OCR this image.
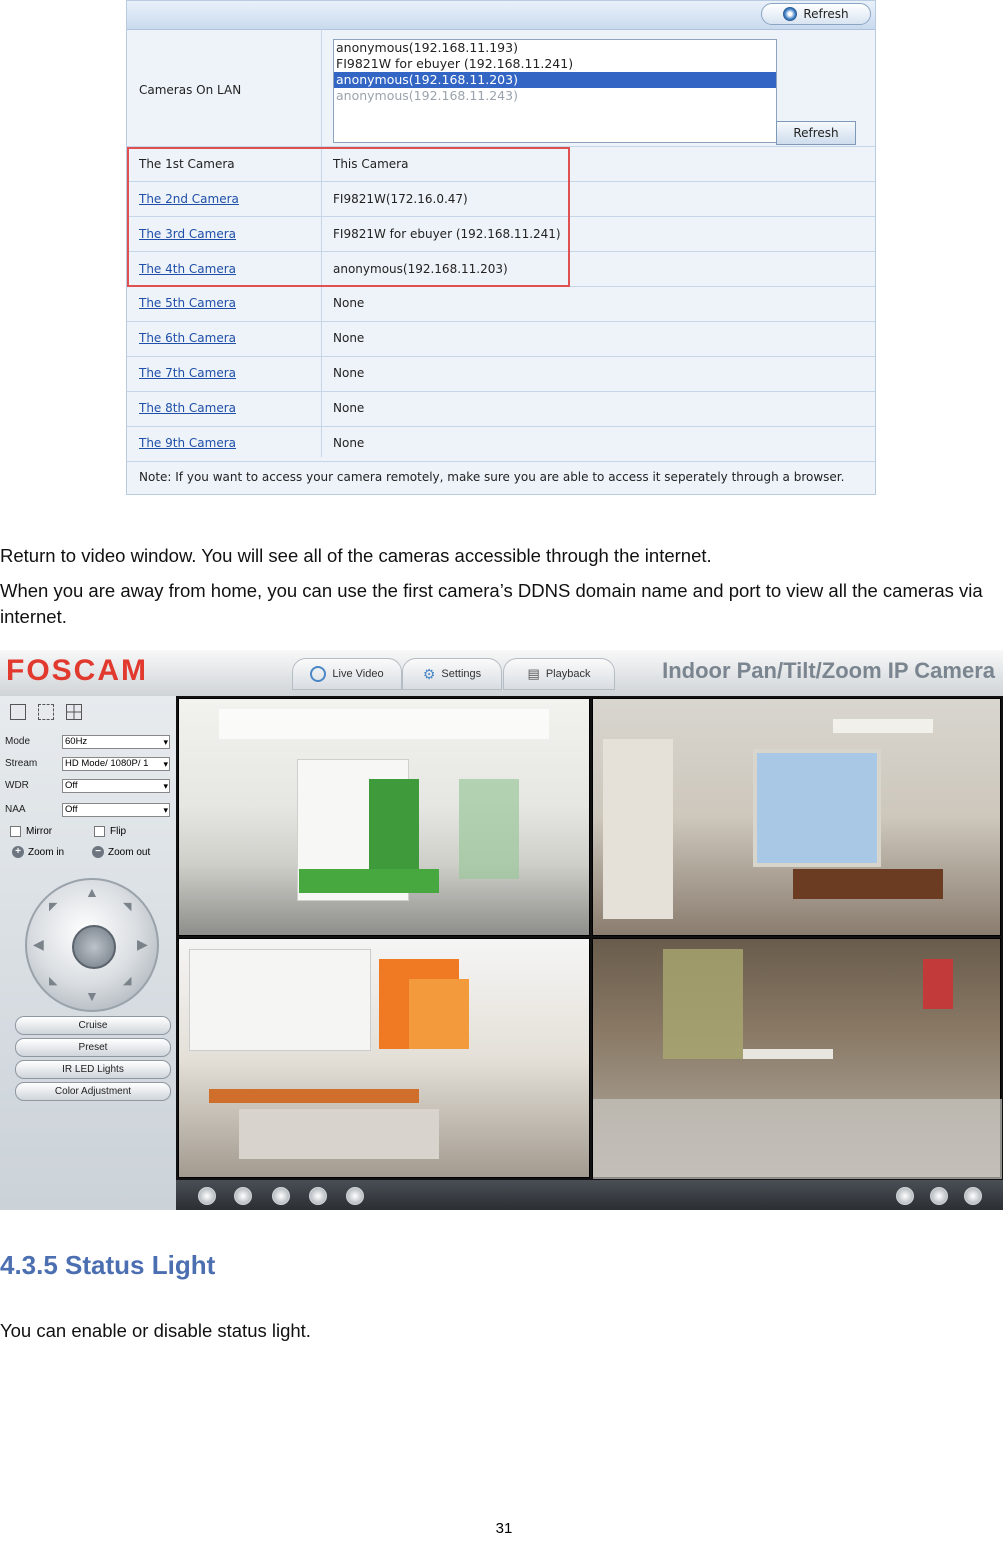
Refresh
Cameras On LAN
anonymous(192.168.11.193)
FI9821W for ebuyer (192.168.11.241)
anonymous(192.168.11.203)
anonymous(192.168.11.243)
Refresh
The 1st Camera	This Camera
The 2nd Camera	FI9821W(172.16.0.47)
The 3rd Camera	FI9821W for ebuyer (192.168.11.241)
The 4th Camera	anonymous(192.168.11.203)
The 5th Camera	None
The 6th Camera	None
The 7th Camera	None
The 8th Camera	None
The 9th Camera	None
Note: If you want to access your camera remotely, make sure you are able to access it seperately through a browser.
Return to video window. You will see all of the cameras accessible through the internet.
When you are away from home, you can use the first camera’s DDNS domain name and port to view all the cameras via internet.
FOSCAM	Live Video	⚙ Settings	▤ Playback	Indoor Pan/Tilt/Zoom IP Camera
Mode	60Hz ▾
Stream	HD Mode/ 1080P/ 1 ▾
WDR	Off ▾
NAA	Off ▾
Mirror	Flip
+ Zoom in	− Zoom out
▲
▼
◀	▶
◤	◥
◣	◢
Cruise
Preset
IR LED Lights
Color Adjustment
4.3.5 Status Light
You can enable or disable status light.
31
